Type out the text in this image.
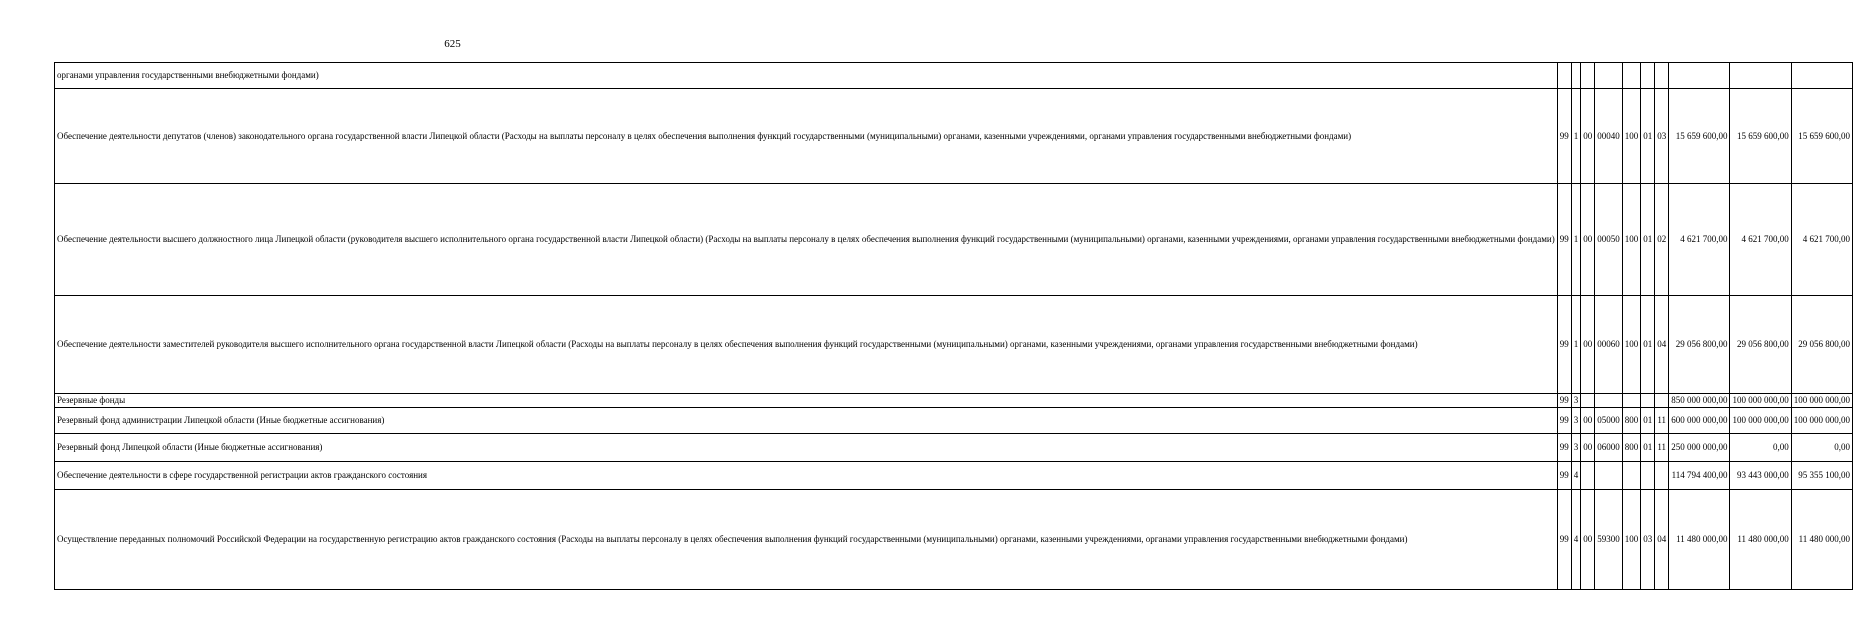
625
органами управления государственными внебюджетными фондами)										
Обеспечение деятельности депутатов (членов) законодательного органа государственной власти Липецкой области (Расходы на выплаты персоналу в целях обеспечения выполнения функций государственными (муниципальными) органами, казенными учреждениями, органами управления государственными внебюджетными фондами)	99	1	00	00040	100	01	03	15 659 600,00	15 659 600,00	15 659 600,00
Обеспечение деятельности высшего должностного лица Липецкой области (руководителя высшего исполнительного органа государственной власти Липецкой области) (Расходы на выплаты персоналу в целях обеспечения выполнения функций государственными (муниципальными) органами, казенными учреждениями, органами управления государственными внебюджетными фондами)	99	1	00	00050	100	01	02	4 621 700,00	4 621 700,00	4 621 700,00
Обеспечение деятельности заместителей руководителя высшего исполнительного органа государственной власти Липецкой области (Расходы на выплаты персоналу в целях обеспечения выполнения функций государственными (муниципальными) органами, казенными учреждениями, органами управления государственными внебюджетными фондами)	99	1	00	00060	100	01	04	29 056 800,00	29 056 800,00	29 056 800,00
Резервные фонды	99	3						850 000 000,00	100 000 000,00	100 000 000,00
Резервный фонд администрации Липецкой области (Иные бюджетные ассигнования)	99	3	00	05000	800	01	11	600 000 000,00	100 000 000,00	100 000 000,00
Резервный фонд Липецкой области (Иные бюджетные ассигнования)	99	3	00	06000	800	01	11	250 000 000,00	0,00	0,00
Обеспечение деятельности в сфере государственной регистрации актов гражданского состояния	99	4						114 794 400,00	93 443 000,00	95 355 100,00
Осуществление переданных полномочий Российской Федерации на государственную регистрацию актов гражданского состояния (Расходы на выплаты персоналу в целях обеспечения выполнения функций государственными (муниципальными) органами, казенными учреждениями, органами управления государственными внебюджетными фондами)	99	4	00	59300	100	03	04	11 480 000,00	11 480 000,00	11 480 000,00
